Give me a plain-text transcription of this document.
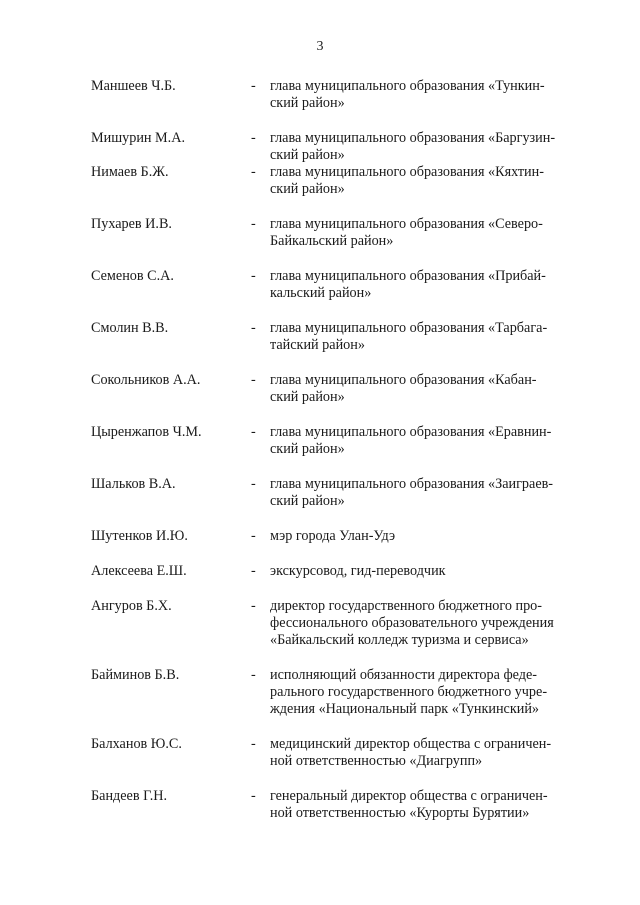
3
Маншеев Ч.Б.	- глава муниципального образования «Тункин-
ский район»
Мишурин М.А.	- глава муниципального образования «Баргузин-
ский район»
Нимаев Б.Ж.	- глава муниципального образования «Кяхтин-
ский район»
Пухарев И.В.	- глава муниципального образования «Северо-
Байкальский район»
Семенов С.А.	- глава муниципального образования «Прибай-
кальский район»
Смолин В.В.	- глава муниципального образования «Тарбага-
тайский район»
Сокольников А.А.	- глава муниципального образования «Кабан-
ский район»
Цыренжапов Ч.М.	- глава муниципального образования «Еравнин-
ский район»
Шальков В.А.	- глава муниципального образования «Заиграев-
ский район»
Шутенков И.Ю.	- мэр города Улан-Удэ
Алексеева Е.Ш.	- экскурсовод, гид-переводчик
Ангуров Б.Х.	- директор государственного бюджетного про-
фессионального образовательного учреждения
«Байкальский колледж туризма и сервиса»
Байминов Б.В.	- исполняющий обязанности директора феде-
рального государственного бюджетного учре-
ждения «Национальный парк «Тункинский»
Балханов Ю.С.	- медицинский директор общества с ограничен-
ной ответственностью «Диагрупп»
Бандеев Г.Н.	- генеральный директор общества с ограничен-
ной ответственностью «Курорты Бурятии»
